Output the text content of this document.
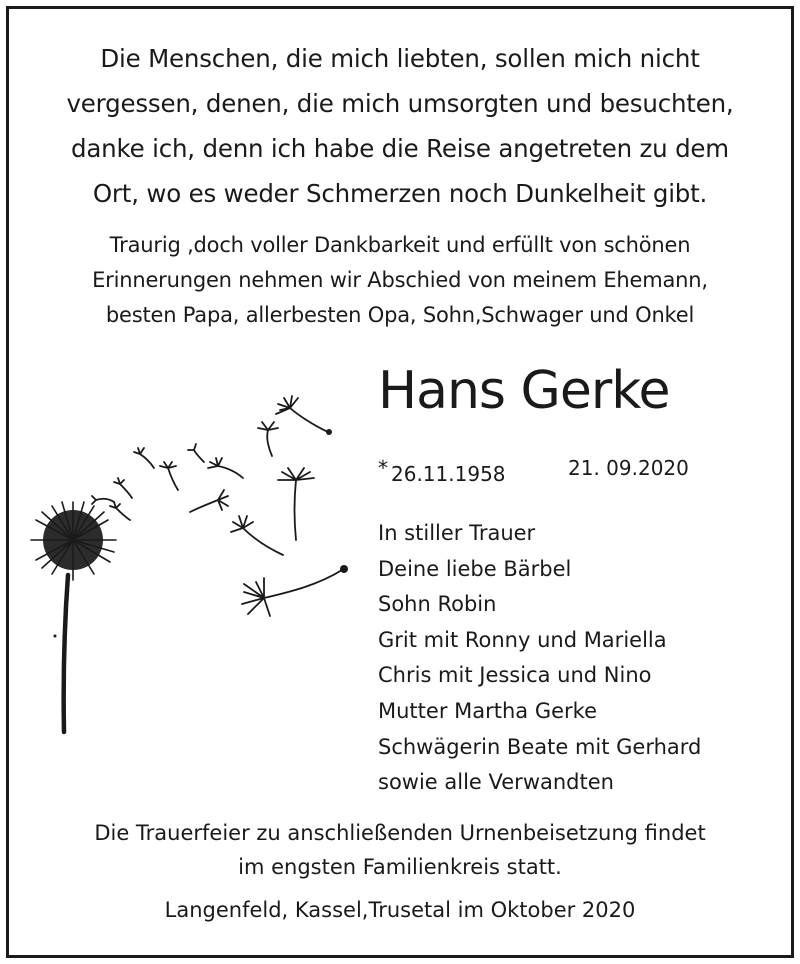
Die Menschen, die mich liebten, sollen mich nicht
vergessen, denen, die mich umsorgten und besuchten,
danke ich, denn ich habe die Reise angetreten zu dem
Ort, wo es weder Schmerzen noch Dunkelheit gibt.
Traurig ,doch voller Dankbarkeit und erfüllt von schönen
Erinnerungen nehmen wir Abschied von meinem Ehemann,
besten Papa, allerbesten Opa, Sohn,Schwager und Onkel
Hans Gerke
* 26.11.1958	21. 09.2020
In stiller Trauer
Deine liebe Bärbel
Sohn Robin
Grit mit Ronny und Mariella
Chris mit Jessica und Nino
Mutter Martha Gerke
Schwägerin Beate mit Gerhard
sowie alle Verwandten
Die Trauerfeier zu anschließenden Urnenbeisetzung findet
im engsten Familienkreis statt.
Langenfeld, Kassel,Trusetal im Oktober 2020
